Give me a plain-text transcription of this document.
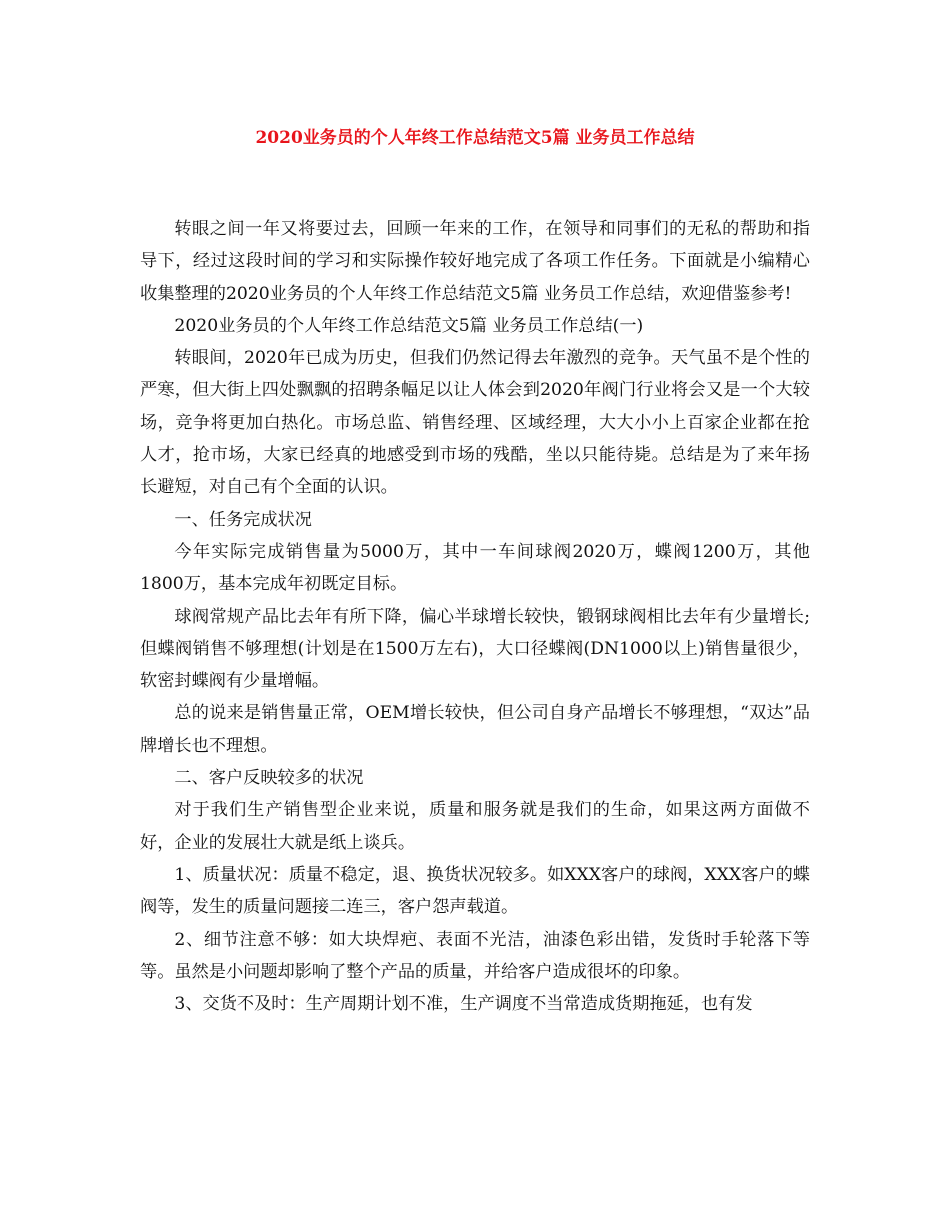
2020业务员的个人年终工作总结范文5篇 业务员工作总结

转眼之间一年又将要过去，回顾一年来的工作，在领导和同事们的无私的帮助和指导下，经过这段时间的学习和实际操作较好地完成了各项工作任务。下面就是小编精心收集整理的2020业务员的个人年终工作总结范文5篇 业务员工作总结，欢迎借鉴参考!

2020业务员的个人年终工作总结范文5篇 业务员工作总结(一)

转眼间，2020年已成为历史，但我们仍然记得去年激烈的竞争。天气虽不是个性的严寒，但大街上四处飘飘的招聘条幅足以让人体会到2020年阀门行业将会又是一个大较场，竞争将更加白热化。市场总监、销售经理、区域经理，大大小小上百家企业都在抢人才，抢市场，大家已经真的地感受到市场的残酷，坐以只能待毙。总结是为了来年扬长避短，对自己有个全面的认识。

一、任务完成状况

今年实际完成销售量为5000万，其中一车间球阀2020万，蝶阀1200万，其他1800万，基本完成年初既定目标。

球阀常规产品比去年有所下降，偏心半球增长较快，锻钢球阀相比去年有少量增长;但蝶阀销售不够理想(计划是在1500万左右)，大口径蝶阀(DN1000以上)销售量很少，软密封蝶阀有少量增幅。

总的说来是销售量正常，OEM增长较快，但公司自身产品增长不够理想，“双达”品牌增长也不理想。

二、客户反映较多的状况

对于我们生产销售型企业来说，质量和服务就是我们的生命，如果这两方面做不好，企业的发展壮大就是纸上谈兵。

1、质量状况：质量不稳定，退、换货状况较多。如XXX客户的球阀，XXX客户的蝶阀等，发生的质量问题接二连三，客户怨声载道。

2、细节注意不够：如大块焊疤、表面不光洁，油漆色彩出错，发货时手轮落下等等。虽然是小问题却影响了整个产品的质量，并给客户造成很坏的印象。

3、交货不及时：生产周期计划不准，生产调度不当常造成货期拖延，也有发
